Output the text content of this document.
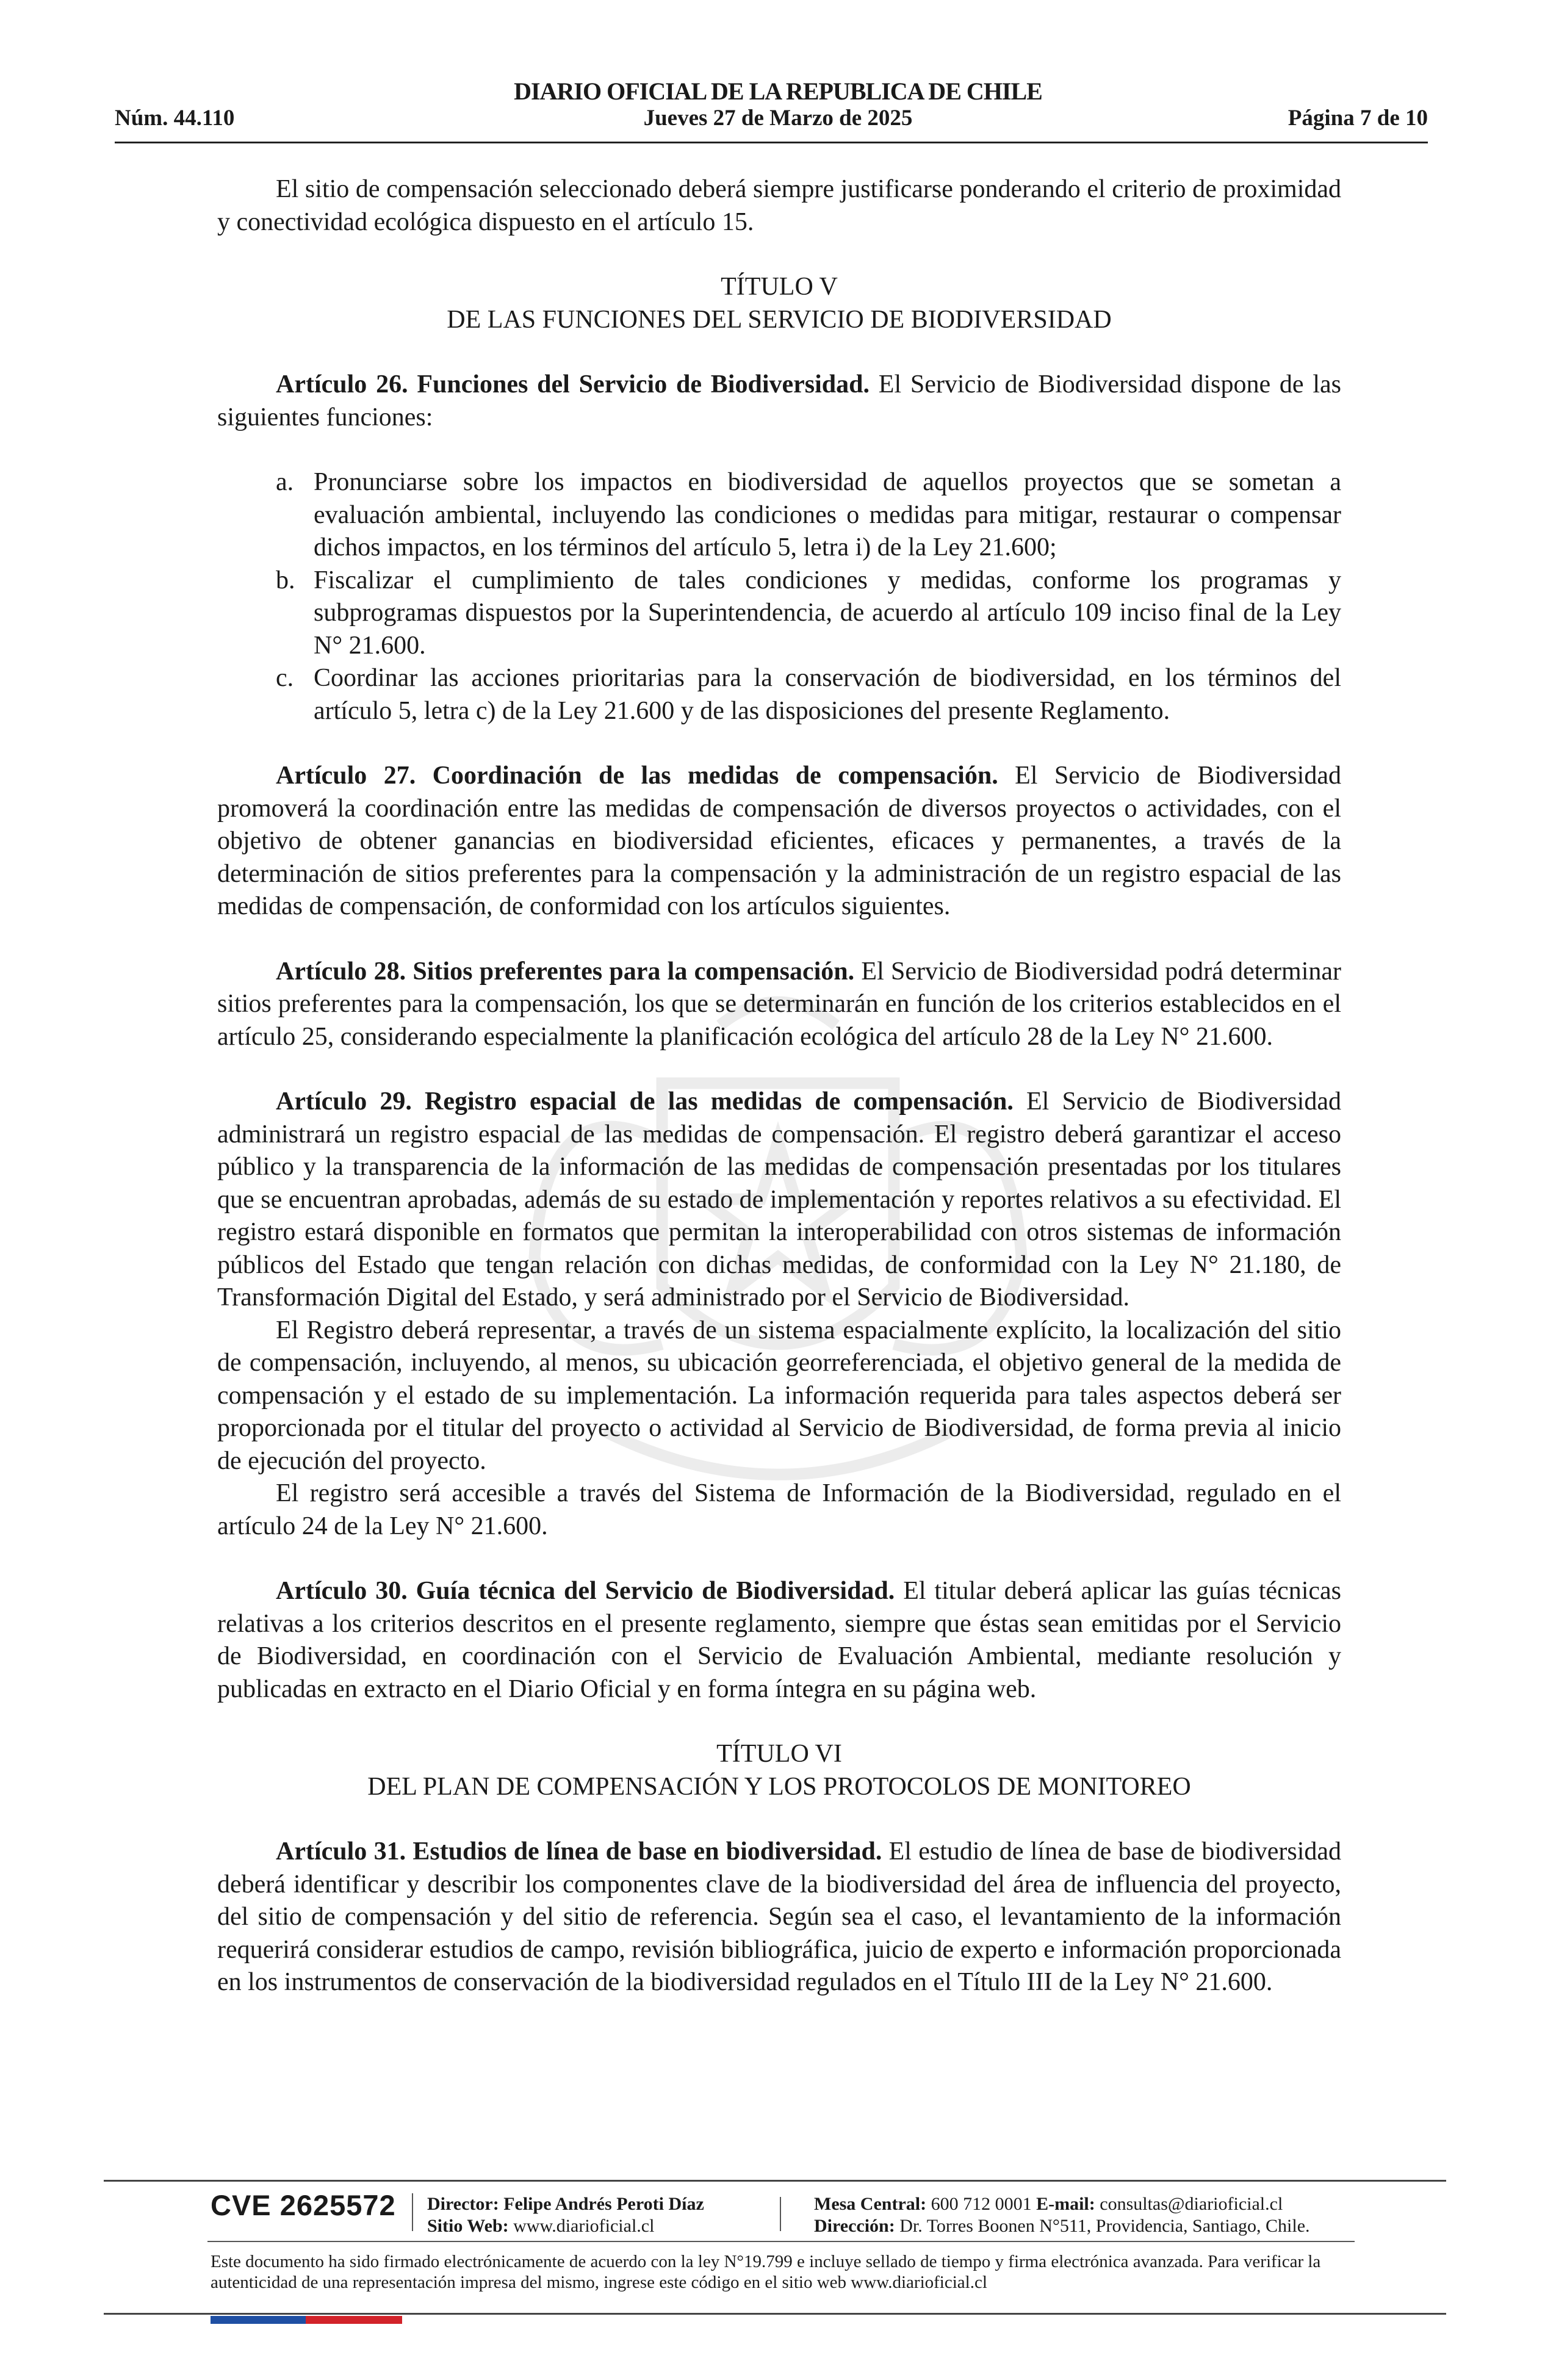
DIARIO OFICIAL DE LA REPUBLICA DE CHILE
Núm. 44.110	Jueves 27 de Marzo de 2025	Página 7 de 10

El sitio de compensación seleccionado deberá siempre justificarse ponderando el criterio de proximidad y conectividad ecológica dispuesto en el artículo 15.

TÍTULO V
DE LAS FUNCIONES DEL SERVICIO DE BIODIVERSIDAD

Artículo 26. Funciones del Servicio de Biodiversidad. El Servicio de Biodiversidad dispone de las siguientes funciones:

a. Pronunciarse sobre los impactos en biodiversidad de aquellos proyectos que se sometan a evaluación ambiental, incluyendo las condiciones o medidas para mitigar, restaurar o compensar dichos impactos, en los términos del artículo 5, letra i) de la Ley 21.600;
b. Fiscalizar el cumplimiento de tales condiciones y medidas, conforme los programas y subprogramas dispuestos por la Superintendencia, de acuerdo al artículo 109 inciso final de la Ley N° 21.600.
c. Coordinar las acciones prioritarias para la conservación de biodiversidad, en los términos del artículo 5, letra c) de la Ley 21.600 y de las disposiciones del presente Reglamento.

Artículo 27. Coordinación de las medidas de compensación. El Servicio de Biodiversidad promoverá la coordinación entre las medidas de compensación de diversos proyectos o actividades, con el objetivo de obtener ganancias en biodiversidad eficientes, eficaces y permanentes, a través de la determinación de sitios preferentes para la compensación y la administración de un registro espacial de las medidas de compensación, de conformidad con los artículos siguientes.

Artículo 28. Sitios preferentes para la compensación. El Servicio de Biodiversidad podrá determinar sitios preferentes para la compensación, los que se determinarán en función de los criterios establecidos en el artículo 25, considerando especialmente la planificación ecológica del artículo 28 de la Ley N° 21.600.

Artículo 29. Registro espacial de las medidas de compensación. El Servicio de Biodiversidad administrará un registro espacial de las medidas de compensación. El registro deberá garantizar el acceso público y la transparencia de la información de las medidas de compensación presentadas por los titulares que se encuentran aprobadas, además de su estado de implementación y reportes relativos a su efectividad. El registro estará disponible en formatos que permitan la interoperabilidad con otros sistemas de información públicos del Estado que tengan relación con dichas medidas, de conformidad con la Ley N° 21.180, de Transformación Digital del Estado, y será administrado por el Servicio de Biodiversidad.

El Registro deberá representar, a través de un sistema espacialmente explícito, la localización del sitio de compensación, incluyendo, al menos, su ubicación georreferenciada, el objetivo general de la medida de compensación y el estado de su implementación. La información requerida para tales aspectos deberá ser proporcionada por el titular del proyecto o actividad al Servicio de Biodiversidad, de forma previa al inicio de ejecución del proyecto.

El registro será accesible a través del Sistema de Información de la Biodiversidad, regulado en el artículo 24 de la Ley N° 21.600.

Artículo 30. Guía técnica del Servicio de Biodiversidad. El titular deberá aplicar las guías técnicas relativas a los criterios descritos en el presente reglamento, siempre que éstas sean emitidas por el Servicio de Biodiversidad, en coordinación con el Servicio de Evaluación Ambiental, mediante resolución y publicadas en extracto en el Diario Oficial y en forma íntegra en su página web.

TÍTULO VI
DEL PLAN DE COMPENSACIÓN Y LOS PROTOCOLOS DE MONITOREO

Artículo 31. Estudios de línea de base en biodiversidad. El estudio de línea de base de biodiversidad deberá identificar y describir los componentes clave de la biodiversidad del área de influencia del proyecto, del sitio de compensación y del sitio de referencia. Según sea el caso, el levantamiento de la información requerirá considerar estudios de campo, revisión bibliográfica, juicio de experto e información proporcionada en los instrumentos de conservación de la biodiversidad regulados en el Título III de la Ley N° 21.600.

CVE 2625572 Director: Felipe Andrés Peroti Díaz
Sitio Web: www.diarioficial.cl
Mesa Central: 600 712 0001 E-mail: consultas@diarioficial.cl
Dirección: Dr. Torres Boonen N°511, Providencia, Santiago, Chile.
Este documento ha sido firmado electrónicamente de acuerdo con la ley N°19.799 e incluye sellado de tiempo y firma electrónica avanzada. Para verificar la autenticidad de una representación impresa del mismo, ingrese este código en el sitio web www.diarioficial.cl
